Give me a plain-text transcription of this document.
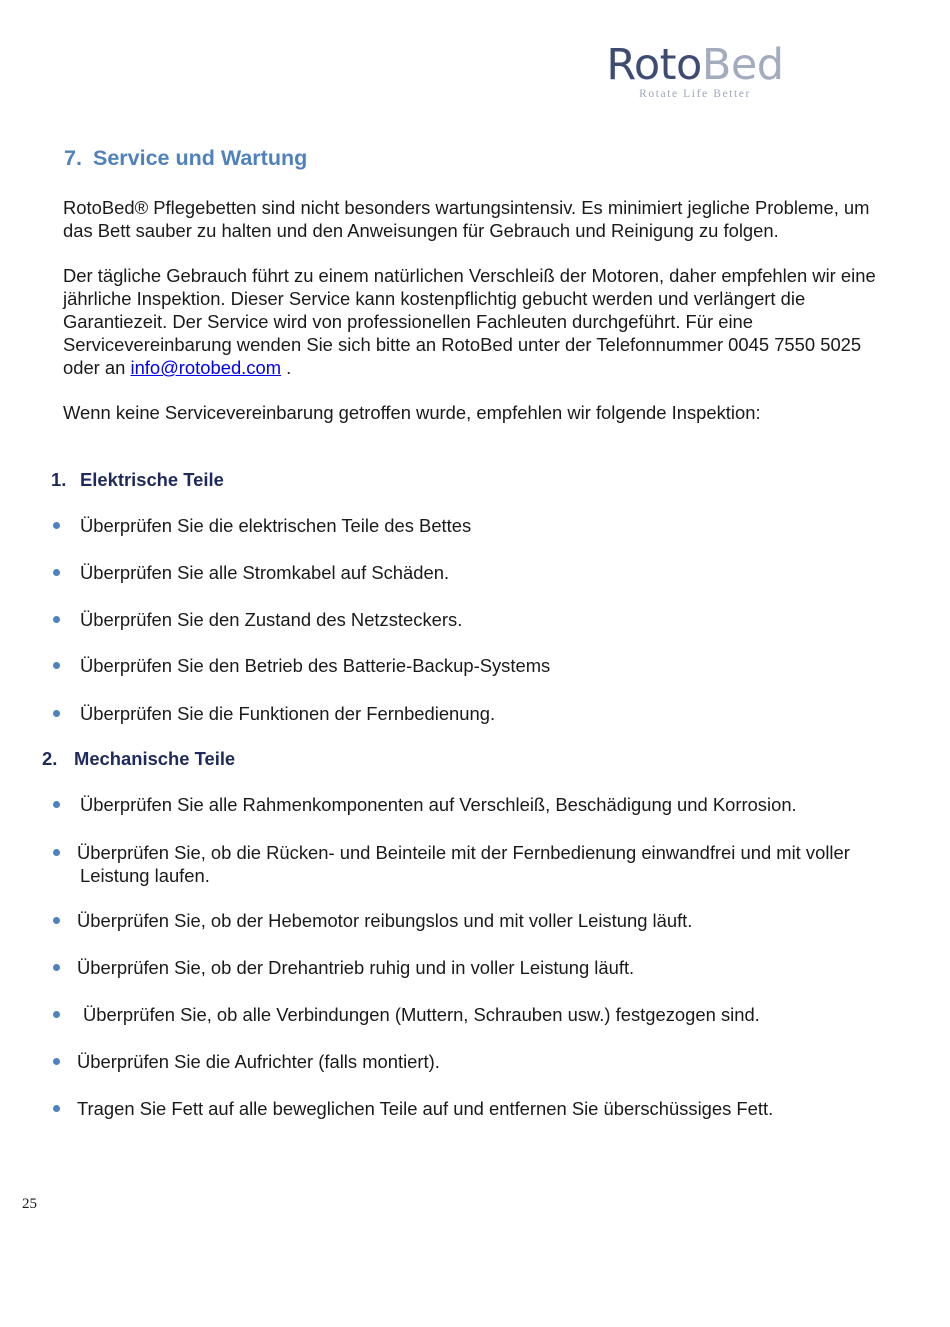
RotoBed
Rotate Life Better
7. Service und Wartung

RotoBed® Pflegebetten sind nicht besonders wartungsintensiv. Es minimiert jegliche Probleme, um das Bett sauber zu halten und den Anweisungen für Gebrauch und Reinigung zu folgen.

Der tägliche Gebrauch führt zu einem natürlichen Verschleiß der Motoren, daher empfehlen wir eine jährliche Inspektion. Dieser Service kann kostenpflichtig gebucht werden und verlängert die Garantiezeit. Der Service wird von professionellen Fachleuten durchgeführt. Für eine Servicevereinbarung wenden Sie sich bitte an RotoBed unter der Telefonnummer 0045 7550 5025 oder an info@rotobed.com .

Wenn keine Servicevereinbarung getroffen wurde, empfehlen wir folgende Inspektion:

1. Elektrische Teile
Überprüfen Sie die elektrischen Teile des Bettes
Überprüfen Sie alle Stromkabel auf Schäden.
Überprüfen Sie den Zustand des Netzsteckers.
Überprüfen Sie den Betrieb des Batterie-Backup-Systems
Überprüfen Sie die Funktionen der Fernbedienung.
2. Mechanische Teile
Überprüfen Sie alle Rahmenkomponenten auf Verschleiß, Beschädigung und Korrosion.
Überprüfen Sie, ob die Rücken- und Beinteile mit der Fernbedienung einwandfrei und mit voller
Leistung laufen.
Überprüfen Sie, ob der Hebemotor reibungslos und mit voller Leistung läuft.
Überprüfen Sie, ob der Drehantrieb ruhig und in voller Leistung läuft.
Überprüfen Sie, ob alle Verbindungen (Muttern, Schrauben usw.) festgezogen sind.
Überprüfen Sie die Aufrichter (falls montiert).
Tragen Sie Fett auf alle beweglichen Teile auf und entfernen Sie überschüssiges Fett.
25
